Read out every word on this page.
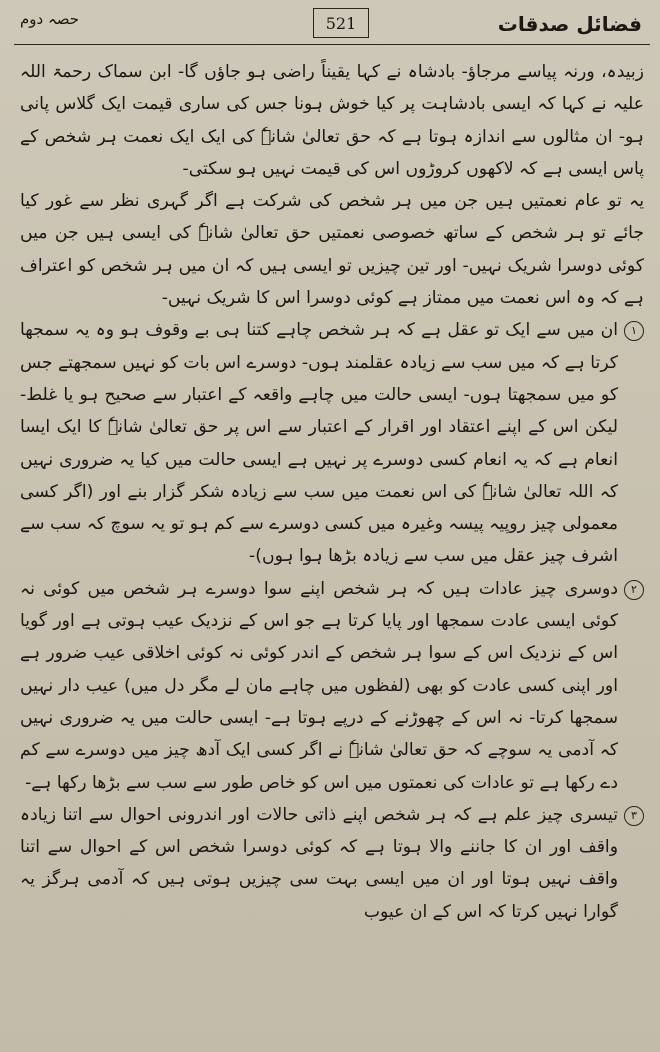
فضائل صدقات
521
حصہ دوم

زبیدہ، ورنہ پیاسے مرجاؤ- بادشاہ نے کہا یقیناً راضی ہو جاؤں گا- ابن سماک رحمۃ اللہ علیہ نے کہا کہ ایسی بادشاہت پر کیا خوش ہونا جس کی ساری قیمت ایک گلاس پانی ہو- ان مثالوں سے اندازہ ہوتا ہے کہ حق تعالیٰ شانہٗ کی ایک ایک نعمت ہر شخص کے پاس ایسی ہے کہ لاکھوں کروڑوں اس کی قیمت نہیں ہو سکتی-

یہ تو عام نعمتیں ہیں جن میں ہر شخص کی شرکت ہے اگر گہری نظر سے غور کیا جائے تو ہر شخص کے ساتھ خصوصی نعمتیں حق تعالیٰ شانہٗ کی ایسی ہیں جن میں کوئی دوسرا شریک نہیں- اور تین چیزیں تو ایسی ہیں کہ ان میں ہر شخص کو اعتراف ہے کہ وہ اس نعمت میں ممتاز ہے کوئی دوسرا اس کا شریک نہیں-

۱

ان میں سے ایک تو عقل ہے کہ ہر شخص چاہے کتنا ہی بے وقوف ہو وہ یہ سمجھا کرتا ہے کہ میں سب سے زیادہ عقلمند ہوں- دوسرے اس بات کو نہیں سمجھتے جس کو میں سمجھتا ہوں- ایسی حالت میں چاہے واقعہ کے اعتبار سے صحیح ہو یا غلط- لیکن اس کے اپنے اعتقاد اور اقرار کے اعتبار سے اس پر حق تعالیٰ شانہٗ کا ایک ایسا انعام ہے کہ یہ انعام کسی دوسرے پر نہیں ہے ایسی حالت میں کیا یہ ضروری نہیں کہ اللہ تعالیٰ شانہٗ کی اس نعمت میں سب سے زیادہ شکر گزار بنے اور (اگر کسی معمولی چیز روپیہ پیسہ وغیرہ میں کسی دوسرے سے کم ہو تو یہ سوچ کہ سب سے اشرف چیز عقل میں سب سے زیادہ بڑھا ہوا ہوں)-

۲

دوسری چیز عادات ہیں کہ ہر شخص اپنے سوا دوسرے ہر شخص میں کوئی نہ کوئی ایسی عادت سمجھا اور پایا کرتا ہے جو اس کے نزدیک عیب ہوتی ہے اور گویا اس کے نزدیک اس کے سوا ہر شخص کے اندر کوئی نہ کوئی اخلاقی عیب ضرور ہے اور اپنی کسی عادت کو بھی (لفظوں میں چاہے مان لے مگر دل میں) عیب دار نہیں سمجھا کرتا- نہ اس کے چھوڑنے کے درپے ہوتا ہے- ایسی حالت میں یہ ضروری نہیں کہ آدمی یہ سوچے کہ حق تعالیٰ شانہٗ نے اگر کسی ایک آدھ چیز میں دوسرے سے کم دے رکھا ہے تو عادات کی نعمتوں میں اس کو خاص طور سے سب سے بڑھا رکھا ہے-

۳

تیسری چیز علم ہے کہ ہر شخص اپنے ذاتی حالات اور اندرونی احوال سے اتنا زیادہ واقف اور ان کا جاننے والا ہوتا ہے کہ کوئی دوسرا شخص اس کے احوال سے اتنا واقف نہیں ہوتا اور ان میں ایسی بہت سی چیزیں ہوتی ہیں کہ آدمی ہرگز یہ گوارا نہیں کرتا کہ اس کے ان عیوب
